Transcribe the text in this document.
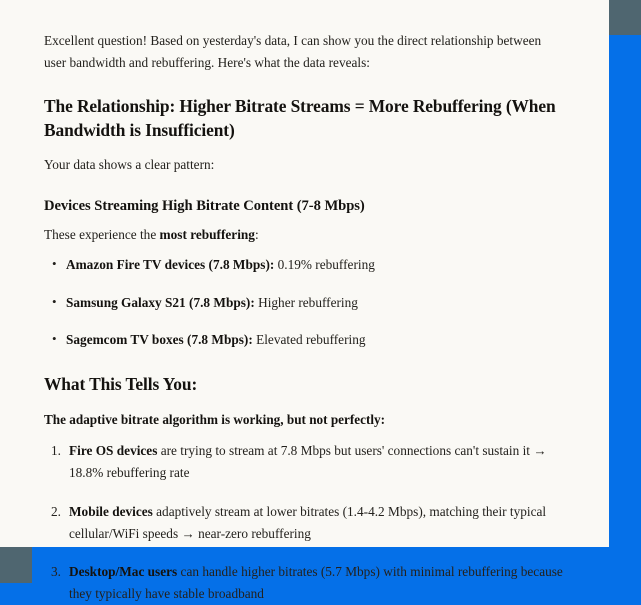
Excellent question! Based on yesterday's data, I can show you the direct relationship between user bandwidth and rebuffering. Here's what the data reveals:

The Relationship: Higher Bitrate Streams = More Rebuffering (When Bandwidth is Insufficient)

Your data shows a clear pattern:

Devices Streaming High Bitrate Content (7-8 Mbps)

These experience the most rebuffering:

• Amazon Fire TV devices (7.8 Mbps): 0.19% rebuffering
• Samsung Galaxy S21 (7.8 Mbps): Higher rebuffering
• Sagemcom TV boxes (7.8 Mbps): Elevated rebuffering
What This Tells You:

The adaptive bitrate algorithm is working, but not perfectly:

Fire OS devices are trying to stream at 7.8 Mbps but users' connections can't sustain it → 18.8% rebuffering rate
Mobile devices adaptively stream at lower bitrates (1.4-4.2 Mbps), matching their typical cellular/WiFi speeds → near-zero rebuffering
Desktop/Mac users can handle higher bitrates (5.7 Mbps) with minimal rebuffering because they typically have stable broadband
